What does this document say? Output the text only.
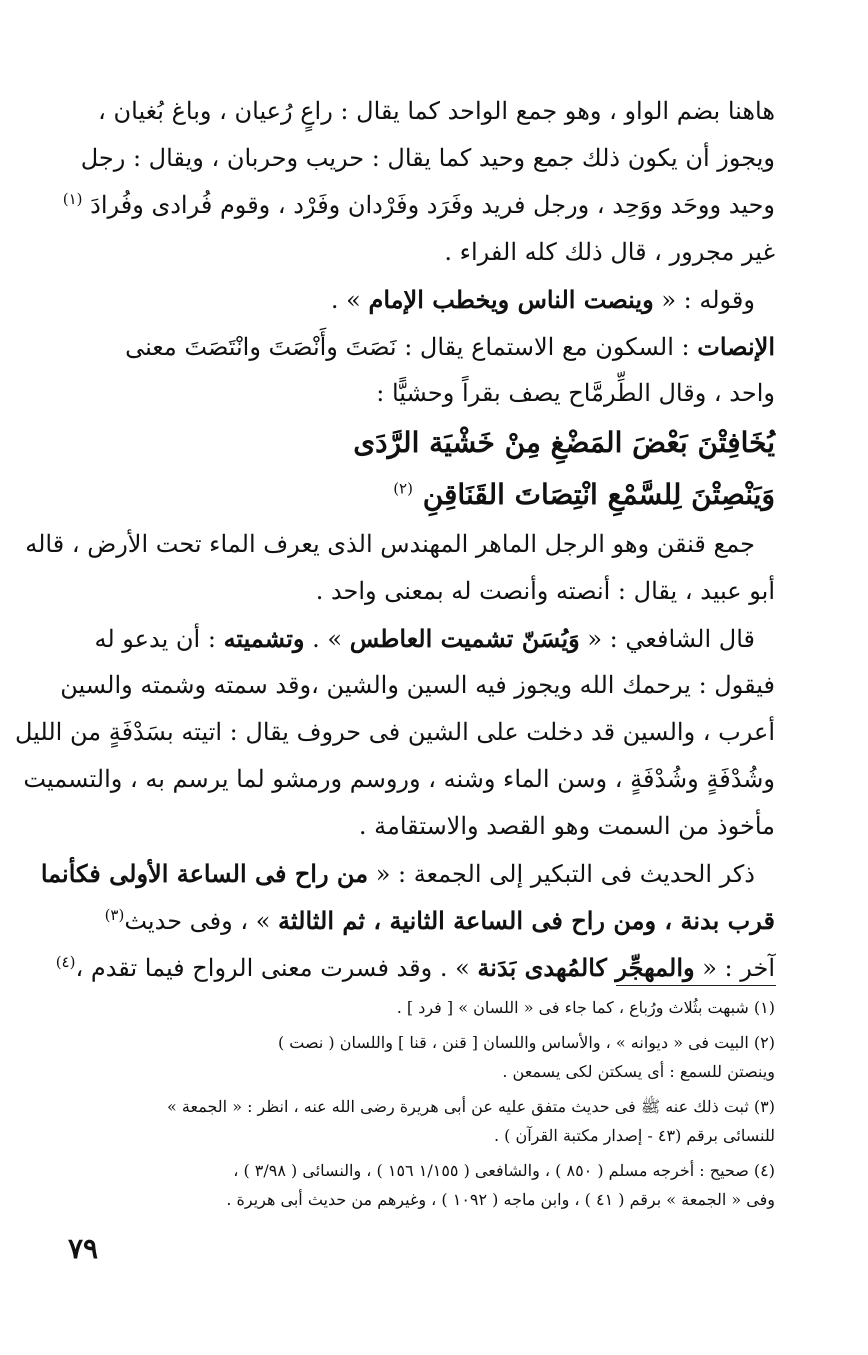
هاهنا بضم الواو ، وهو جمع الواحد كما يقال : راعٍ رُعيان ، وباغ بُغيان ،
ويجوز أن يكون ذلك جمع وحيد كما يقال : حريب وحربان ، ويقال : رجل
وحيد ووحَد ووَحِد ، ورجل فريد وفَرَد وفَرْدان وفَرْد ، وقوم فُرادى وفُرادَ $^{(١)}$
غير مجرور ، قال ذلك كله الفراء .
وقوله : « وينصت الناس ويخطب الإمام » .
الإنصات : السكون مع الاستماع يقال : نَصَتَ وأَنْصَتَ وانْتَصَتَ معنى
واحد ، وقال الطِّرمَّاح يصف بقراً وحشيًّا :
يُخَافِتْنَ بَعْضَ المَضْغِ مِنْ خَشْيَة الرَّدَى
وَيَنْصِتْنَ لِلسَّمْعِ انْتِصَاتَ القَنَاقِنِ $^{(٢)}$
جمع قنقن وهو الرجل الماهر المهندس الذى يعرف الماء تحت الأرض ، قاله
أبو عبيد ، يقال : أنصته وأنصت له بمعنى واحد .
قال الشافعي : « وَيُسَنّ تشميت العاطس » . وتشميته : أن يدعو له
فيقول : يرحمك الله ويجوز فيه السين والشين ،وقد سمته وشمته والسين
أعرب ، والسين قد دخلت على الشين فى حروف يقال : اتيته بسَدْفَةٍ من الليل
وشُدْفَةٍ وشُدْفَةٍ ، وسن الماء وشنه ، وروسم ورمشو لما يرسم به ، والتسميت
مأخوذ من السمت وهو القصد والاستقامة .
ذكر الحديث فى التبكير إلى الجمعة : « من راح فى الساعة الأولى فكأنما
قرب بدنة ، ومن راح فى الساعة الثانية ، ثم الثالثة » ، وفى حديث$^{(٣)}$
آخر : « والمهجِّر كالمُهدى بَدَنة » . وقد فسرت معنى الرواح فيما تقدم ،$^{(٤)}$
(١) شبهت بثُلاث ورُباع ، كما جاء فى « اللسان » [ فرد ] .
(٢) البيت فى « ديوانه » ، والأساس واللسان [ قنن ، قنا ] واللسان ( نصت )
وينصتن للسمع : أى يسكتن لكى يسمعن .
(٣) ثبت ذلك عنه ﷺ فى حديث متفق عليه عن أبى هريرة رضى الله عنه ، انظر : « الجمعة »
للنسائى برقم (٤٣ - إصدار مكتبة القرآن ) .
(٤) صحيح : أخرجه مسلم ( ٨٥٠ ) ، والشافعى ( ١/١٥٥ ١٥٦ ) ، والنسائى ( ٣/٩٨ ) ،
وفى « الجمعة » برقم ( ٤١ ) ، وابن ماجه ( ١٠٩٢ ) ، وغيرهم من حديث أبى هريرة .
٧٩
